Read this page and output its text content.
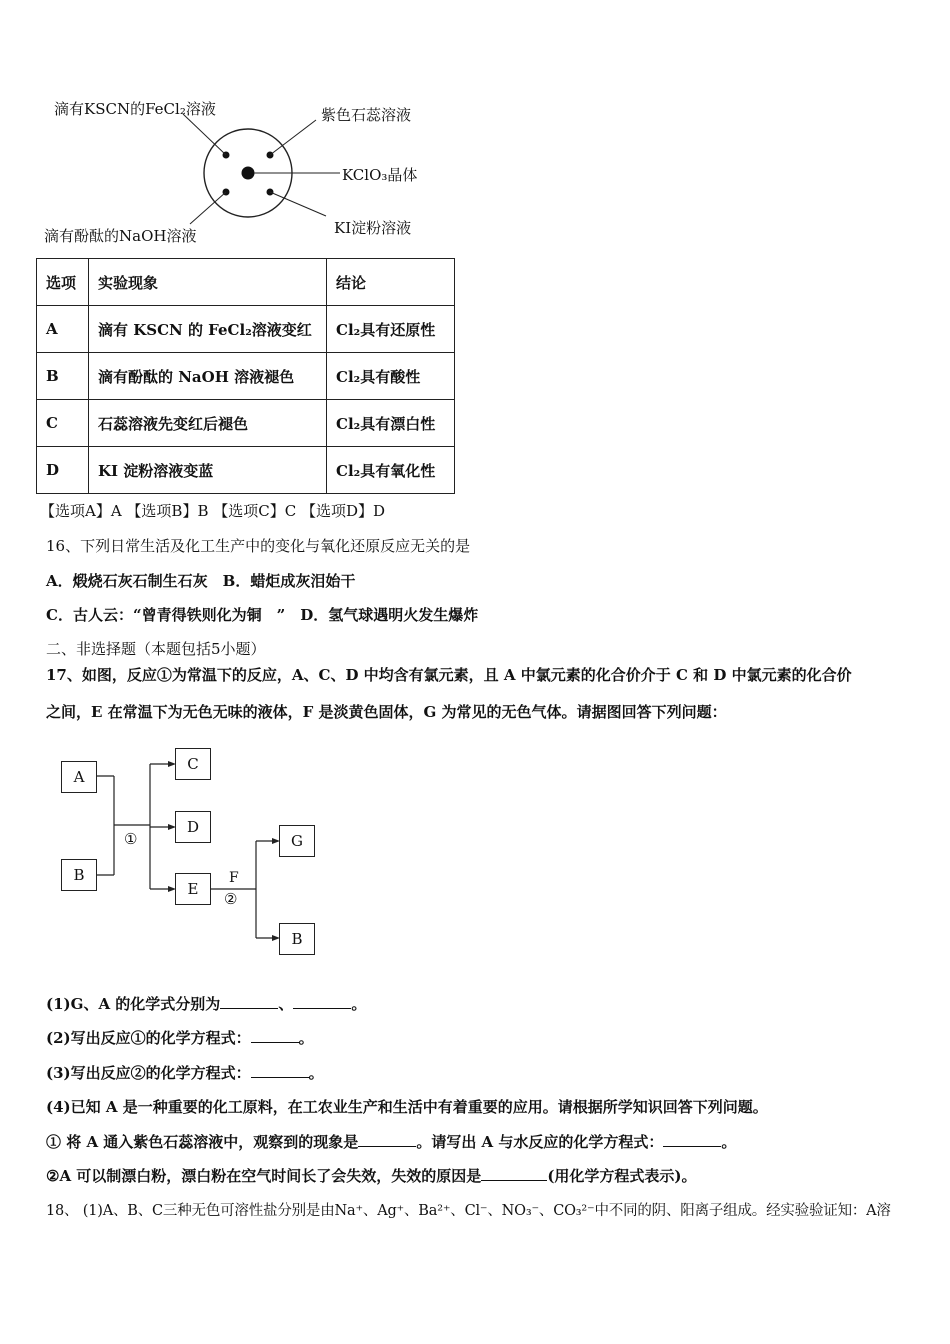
滴有KSCN的FeCl₂溶液	紫色石蕊溶液
KClO₃晶体
滴有酚酞的NaOH溶液	KI淀粉溶液
选项	实验现象	结论
A	滴有 KSCN 的 FeCl₂溶液变红	Cl₂具有还原性
B	滴有酚酞的 NaOH 溶液褪色	Cl₂具有酸性
C	石蕊溶液先变红后褪色	Cl₂具有漂白性
D	KI 淀粉溶液变蓝	Cl₂具有氧化性
【选项A】A 【选项B】B 【选项C】C 【选项D】D
16、下列日常生活及化工生产中的变化与氧化还原反应无关的是
A．煅烧石灰石制生石灰　B．蜡炬成灰泪始干
C．古人云：“曾青得铁则化为铜　”　D．氢气球遇明火发生爆炸
二、非选择题（本题包括5小题）
17、如图，反应①为常温下的反应，A、C、D 中均含有氯元素，且 A 中氯元素的化合价介于 C 和 D 中氯元素的化合价
之间，E 在常温下为无色无味的液体，F 是淡黄色固体，G 为常见的无色气体。请据图回答下列问题：
A
B
C
D
E
G
B
①
F
②
(1)G、A 的化学式分别为	、	。
(2)写出反应①的化学方程式：	。
(3)写出反应②的化学方程式：	。
(4)已知 A 是一种重要的化工原料，在工农业生产和生活中有着重要的应用。请根据所学知识回答下列问题。
① 将 A 通入紫色石蕊溶液中，观察到的现象是	。请写出 A 与水反应的化学方程式：	。
②A 可以制漂白粉，漂白粉在空气时间长了会失效，失效的原因是	(用化学方程式表示)。
18、 (1)A、B、C三种无色可溶性盐分别是由Na⁺、Ag⁺、Ba²⁺、Cl⁻、NO₃⁻、CO₃²⁻中不同的阴、阳离子组成。经实验验证知：A溶
